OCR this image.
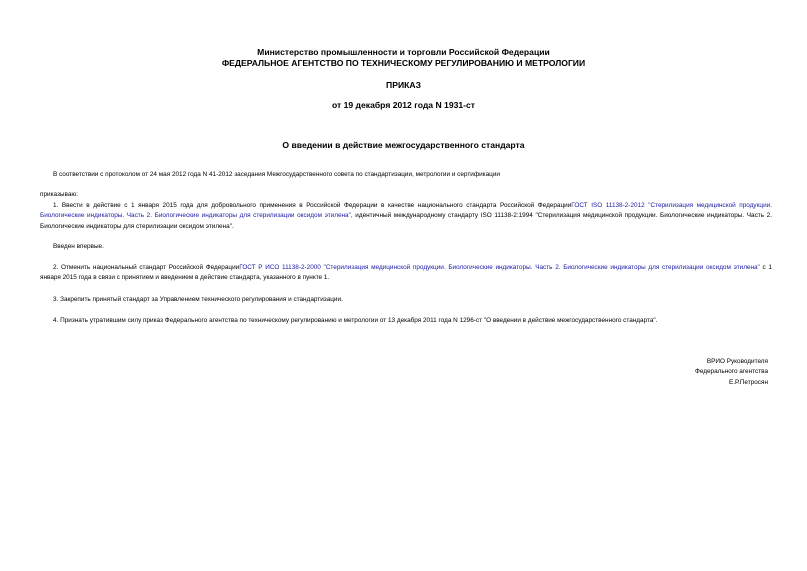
Министерство промышленности и торговли Российской Федерации
ФЕДЕРАЛЬНОЕ АГЕНТСТВО ПО ТЕХНИЧЕСКОМУ РЕГУЛИРОВАНИЮ И МЕТРОЛОГИИ
ПРИКАЗ
от 19 декабря 2012 года N 1931-ст
О введении в действие межгосударственного стандарта
В соответствии с протоколом от 24 мая 2012 года N 41-2012 заседания Межгосударственного совета по стандартизации, метрологии и сертификации
приказываю:
1. Ввести в действие с 1 января 2015 года для добровольного применения в Российской Федерации в качестве национального стандарта Российской ФедерацииГОСТ ISO 11138-2-2012 "Стерилизация медицинской продукции. Биологические индикаторы. Часть 2. Биологические индикаторы для стерилизации оксидом этилена", идентичный международному стандарту ISO 11138-2:1994 "Стерилизация медицинской продукции. Биологические индикаторы. Часть 2. Биологические индикаторы для стерилизации оксидом этилена".
Введен впервые.
2. Отменить национальный стандарт Российской ФедерацииГОСТ Р ИСО 11138-2-2000 "Стерилизация медицинской продукции. Биологические индикаторы. Часть 2. Биологические индикаторы для стерилизации оксидом этилена" с 1 января 2015 года в связи с принятием и введением в действие стандарта, указанного в пункте 1.
3. Закрепить принятый стандарт за Управлением технического регулирования и стандартизации.
4. Признать утратившим силу приказ Федерального агентства по техническому регулированию и метрологии от 13 декабря 2011 года N 1296-ст "О введении в действие межгосударственного стандарта".
ВРИО Руководителя
Федерального агентства
Е.Р.Петросян
